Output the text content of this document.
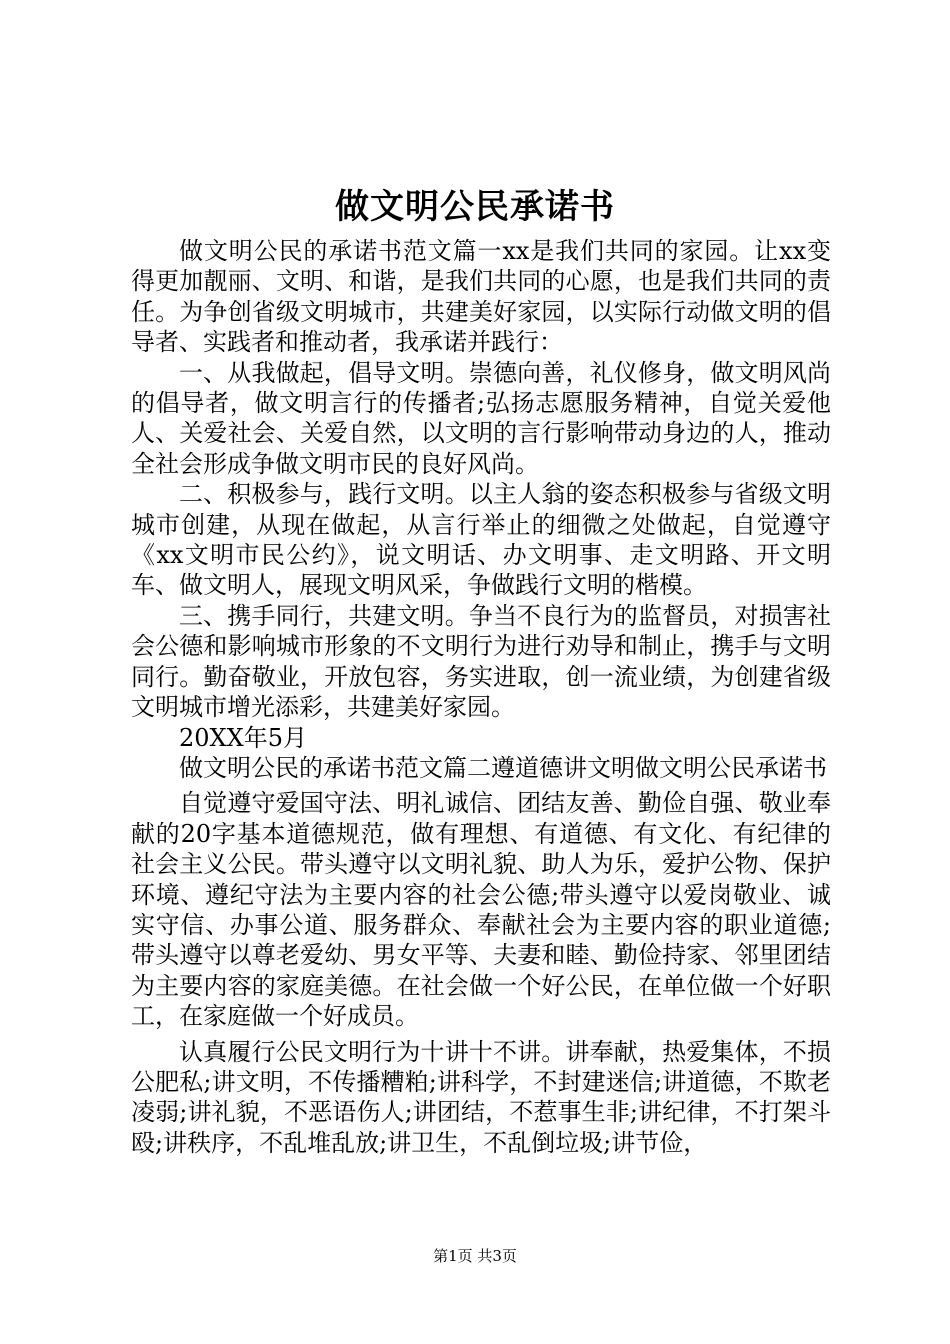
做文明公民承诺书

做文明公民的承诺书范文篇一xx是我们共同的家园。让xx变得更加靓丽、文明、和谐，是我们共同的心愿，也是我们共同的责任。为争创省级文明城市，共建美好家园，以实际行动做文明的倡导者、实践者和推动者，我承诺并践行：

一、从我做起，倡导文明。崇德向善，礼仪修身，做文明风尚的倡导者，做文明言行的传播者;弘扬志愿服务精神，自觉关爱他人、关爱社会、关爱自然，以文明的言行影响带动身边的人，推动全社会形成争做文明市民的良好风尚。

二、积极参与，践行文明。以主人翁的姿态积极参与省级文明城市创建，从现在做起，从言行举止的细微之处做起，自觉遵守《xx文明市民公约》，说文明话、办文明事、走文明路、开文明车、做文明人，展现文明风采，争做践行文明的楷模。

三、携手同行，共建文明。争当不良行为的监督员，对损害社会公德和影响城市形象的不文明行为进行劝导和制止，携手与文明同行。勤奋敬业，开放包容，务实进取，创一流业绩，为创建省级文明城市增光添彩，共建美好家园。

20XX年5月

做文明公民的承诺书范文篇二遵道德讲文明做文明公民承诺书

自觉遵守爱国守法、明礼诚信、团结友善、勤俭自强、敬业奉献的20字基本道德规范，做有理想、有道德、有文化、有纪律的社会主义公民。带头遵守以文明礼貌、助人为乐，爱护公物、保护环境、遵纪守法为主要内容的社会公德;带头遵守以爱岗敬业、诚实守信、办事公道、服务群众、奉献社会为主要内容的职业道德;带头遵守以尊老爱幼、男女平等、夫妻和睦、勤俭持家、邻里团结为主要内容的家庭美德。在社会做一个好公民，在单位做一个好职工，在家庭做一个好成员。

认真履行公民文明行为十讲十不讲。讲奉献，热爱集体，不损公肥私;讲文明，不传播糟粕;讲科学，不封建迷信;讲道德，不欺老凌弱;讲礼貌，不恶语伤人;讲团结，不惹事生非;讲纪律，不打架斗殴;讲秩序，不乱堆乱放;讲卫生，不乱倒垃圾;讲节俭，

第1页 共3页
